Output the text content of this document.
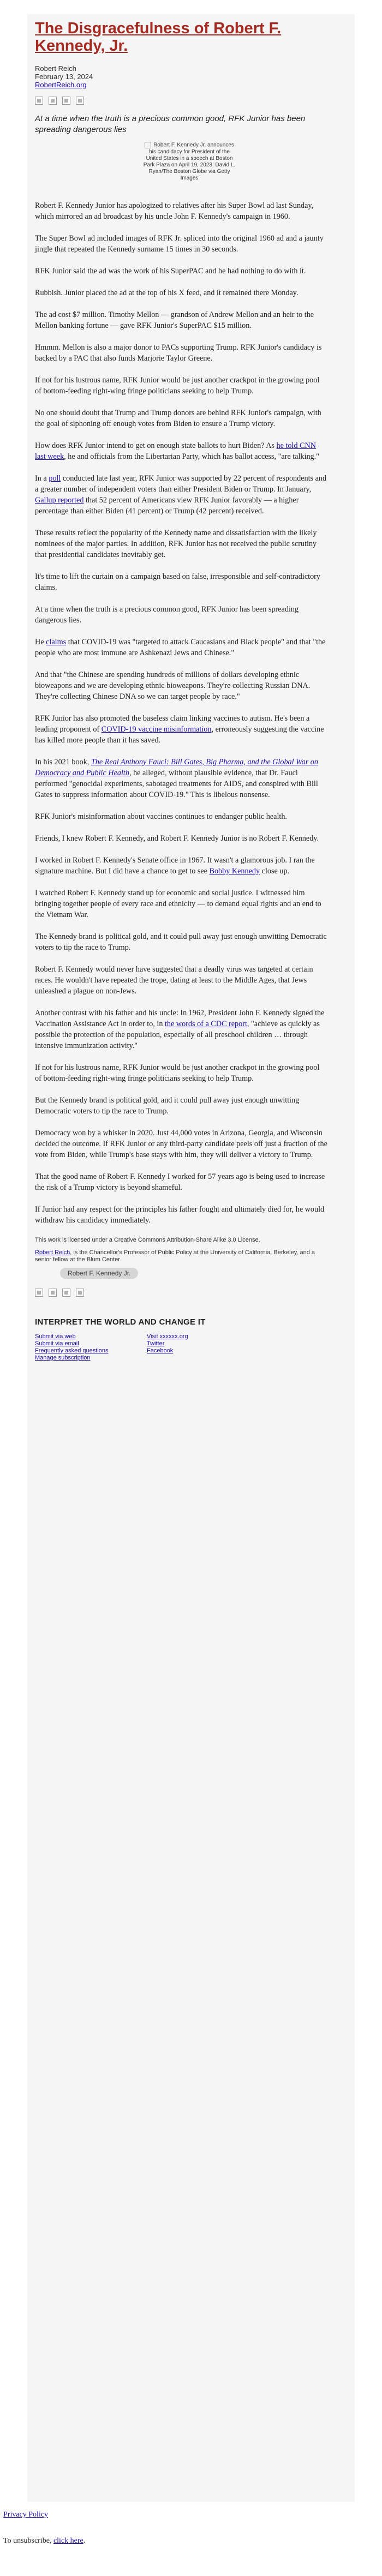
The Disgracefulness of Robert F. Kennedy, Jr.
Robert Reich
February 13, 2024
RobertReich.org
At a time when the truth is a precious common good, RFK Junior has been spreading dangerous lies
Robert F. Kennedy Jr. announces his candidacy for President of the United States in a speech at Boston Park Plaza on April 19, 2023. David L. Ryan/The Boston Globe via Getty Images

Robert F. Kennedy Junior has apologized to relatives after his Super Bowl ad last Sunday, which mirrored an ad broadcast by his uncle John F. Kennedy's campaign in 1960.

The Super Bowl ad included images of RFK Jr. spliced into the original 1960 ad and a jaunty jingle that repeated the Kennedy surname 15 times in 30 seconds.

RFK Junior said the ad was the work of his SuperPAC and he had nothing to do with it.

Rubbish. Junior placed the ad at the top of his X feed, and it remained there Monday.

The ad cost $7 million. Timothy Mellon — grandson of Andrew Mellon and an heir to the Mellon banking fortune — gave RFK Junior's SuperPAC $15 million.

Hmmm. Mellon is also a major donor to PACs supporting Trump. RFK Junior's candidacy is backed by a PAC that also funds Marjorie Taylor Greene.

If not for his lustrous name, RFK Junior would be just another crackpot in the growing pool of bottom-feeding right-wing fringe politicians seeking to help Trump.

No one should doubt that Trump and Trump donors are behind RFK Junior's campaign, with the goal of siphoning off enough votes from Biden to ensure a Trump victory.

How does RFK Junior intend to get on enough state ballots to hurt Biden? As he told CNN last week, he and officials from the Libertarian Party, which has ballot access, "are talking."

In a poll conducted late last year, RFK Junior was supported by 22 percent of respondents and a greater number of independent voters than either President Biden or Trump. In January, Gallup reported that 52 percent of Americans view RFK Junior favorably — a higher percentage than either Biden (41 percent) or Trump (42 percent) received.

These results reflect the popularity of the Kennedy name and dissatisfaction with the likely nominees of the major parties. In addition, RFK Junior has not received the public scrutiny that presidential candidates inevitably get.

It's time to lift the curtain on a campaign based on false, irresponsible and self-contradictory claims.

At a time when the truth is a precious common good, RFK Junior has been spreading dangerous lies.

He claims that COVID-19 was "targeted to attack Caucasians and Black people" and that "the people who are most immune are Ashkenazi Jews and Chinese."

And that "the Chinese are spending hundreds of millions of dollars developing ethnic bioweapons and we are developing ethnic bioweapons. They're collecting Russian DNA. They're collecting Chinese DNA so we can target people by race."

RFK Junior has also promoted the baseless claim linking vaccines to autism. He's been a leading proponent of COVID-19 vaccine misinformation, erroneously suggesting the vaccine has killed more people than it has saved.

In his 2021 book, The Real Anthony Fauci: Bill Gates, Big Pharma, and the Global War on Democracy and Public Health, he alleged, without plausible evidence, that Dr. Fauci performed "genocidal experiments, sabotaged treatments for AIDS, and conspired with Bill Gates to suppress information about COVID-19." This is libelous nonsense.

RFK Junior's misinformation about vaccines continues to endanger public health.

Friends, I knew Robert F. Kennedy, and Robert F. Kennedy Junior is no Robert F. Kennedy.

I worked in Robert F. Kennedy's Senate office in 1967. It wasn't a glamorous job. I ran the signature machine. But I did have a chance to get to see Bobby Kennedy close up.

I watched Robert F. Kennedy stand up for economic and social justice. I witnessed him bringing together people of every race and ethnicity — to demand equal rights and an end to the Vietnam War.

The Kennedy brand is political gold, and it could pull away just enough unwitting Democratic voters to tip the race to Trump.

Robert F. Kennedy would never have suggested that a deadly virus was targeted at certain races. He wouldn't have repeated the trope, dating at least to the Middle Ages, that Jews unleashed a plague on non-Jews.

Another contrast with his father and his uncle: In 1962, President John F. Kennedy signed the Vaccination Assistance Act in order to, in the words of a CDC report, "achieve as quickly as possible the protection of the population, especially of all preschool children … through intensive immunization activity."

If not for his lustrous name, RFK Junior would be just another crackpot in the growing pool of bottom-feeding right-wing fringe politicians seeking to help Trump.

But the Kennedy brand is political gold, and it could pull away just enough unwitting Democratic voters to tip the race to Trump.

Democracy won by a whisker in 2020. Just 44,000 votes in Arizona, Georgia, and Wisconsin decided the outcome. If RFK Junior or any third-party candidate peels off just a fraction of the vote from Biden, while Trump's base stays with him, they will deliver a victory to Trump.

That the good name of Robert F. Kennedy I worked for 57 years ago is being used to increase the risk of a Trump victory is beyond shameful.

If Junior had any respect for the principles his father fought and ultimately died for, he would withdraw his candidacy immediately.

This work is licensed under a Creative Commons Attribution-Share Alike 3.0 License.
Robert Reich, is the Chancellor's Professor of Public Policy at the University of California, Berkeley, and a senior fellow at the Blum Center
Robert F. Kennedy Jr.
INTERPRET THE WORLD AND CHANGE IT
Submit via web	Visit xxxxxx.org
Submit via email	Twitter
Frequently asked questions	Facebook
Manage subscription

Privacy Policy

To unsubscribe, click here.
